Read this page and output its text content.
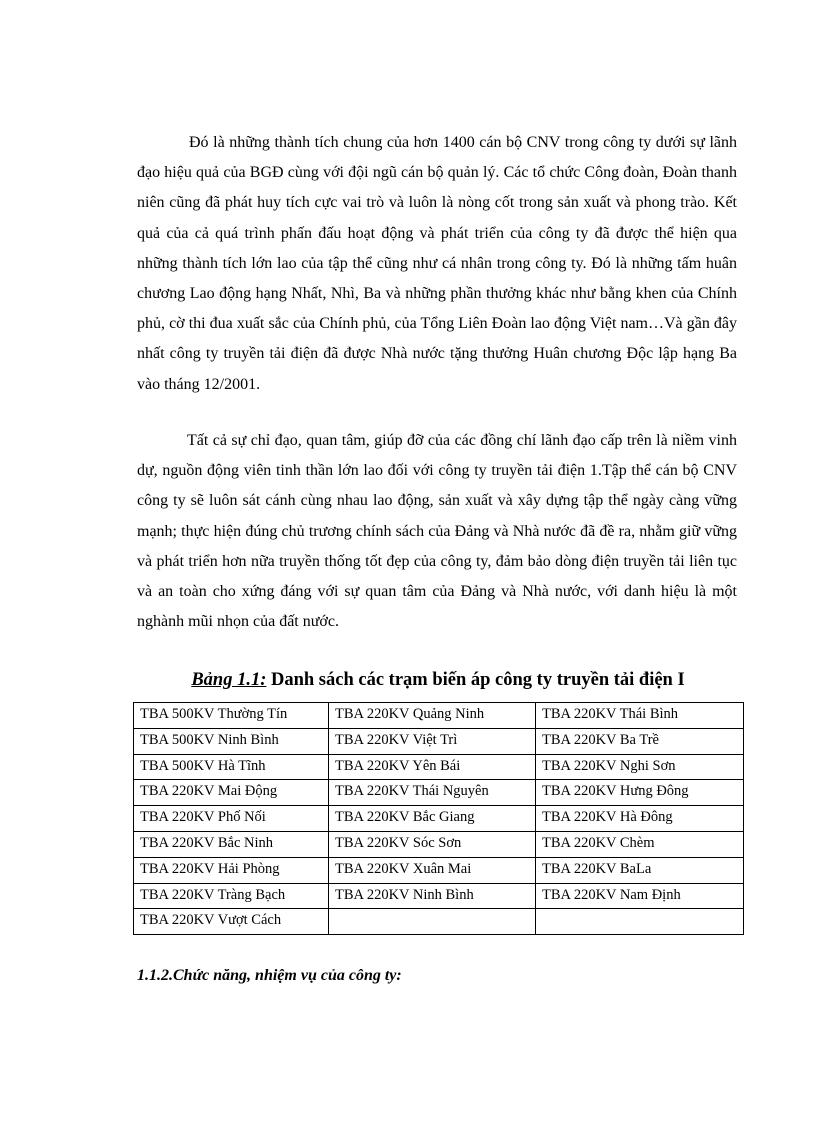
Đó là những thành tích chung của hơn 1400 cán bộ CNV trong công ty dưới sự lãnh đạo hiệu quả của BGĐ cùng với đội ngũ cán bộ quản lý. Các tổ chức Công đoàn, Đoàn thanh niên cũng đã phát huy tích cực vai trò và luôn là nòng cốt trong sản xuất và phong trào. Kết quả của cả quá trình phấn đấu hoạt động và phát triển của công ty đã được thể hiện qua những thành tích lớn lao của tập thể cũng như cá nhân trong công ty. Đó là những tấm huân chương Lao động hạng Nhất, Nhì, Ba và những phần thưởng khác như bằng khen của Chính phủ, cờ thi đua xuất sắc của Chính phủ, của Tổng Liên Đoàn lao động Việt nam…Và gần đây nhất công ty truyền tải điện đã được Nhà nước tặng thưởng Huân chương Độc lập hạng Ba vào tháng 12/2001.

Tất cả sự chỉ đạo, quan tâm, giúp đỡ của các đồng chí lãnh đạo cấp trên là niềm vinh dự, nguồn động viên tinh thần lớn lao đối với công ty truyền tải điện 1.Tập thể cán bộ CNV công ty sẽ luôn sát cánh cùng nhau lao động, sản xuất và xây dựng tập thể ngày càng vững mạnh; thực hiện đúng chủ trương chính sách của Đảng và Nhà nước đã đề ra, nhằm giữ vững và phát triển hơn nữa truyền thống tốt đẹp của công ty, đảm bảo dòng điện truyền tải liên tục và an toàn cho xứng đáng với sự quan tâm của Đảng và Nhà nước, với danh hiệu là một nghành mũi nhọn của đất nước.

Bảng 1.1: Danh sách các trạm biến áp công ty truyền tải điện I

TBA 500KV Thường Tín	TBA 220KV Quảng Ninh	TBA 220KV Thái Bình
TBA 500KV Ninh Bình	TBA 220KV Việt Trì	TBA 220KV Ba Trề
TBA 500KV Hà Tĩnh	TBA 220KV Yên Bái	TBA 220KV Nghi Sơn
TBA 220KV Mai Động	TBA 220KV Thái Nguyên	TBA 220KV Hưng Đông
TBA 220KV Phố Nối	TBA 220KV Bắc Giang	TBA 220KV Hà Đông
TBA 220KV Bắc Ninh	TBA 220KV Sóc Sơn	TBA 220KV Chèm
TBA 220KV Hải Phòng	TBA 220KV Xuân Mai	TBA 220KV BaLa
TBA 220KV Tràng Bạch	TBA 220KV Ninh Bình	TBA 220KV Nam Định
TBA 220KV Vượt Cách		

1.1.2.Chức năng, nhiệm vụ của công ty:
